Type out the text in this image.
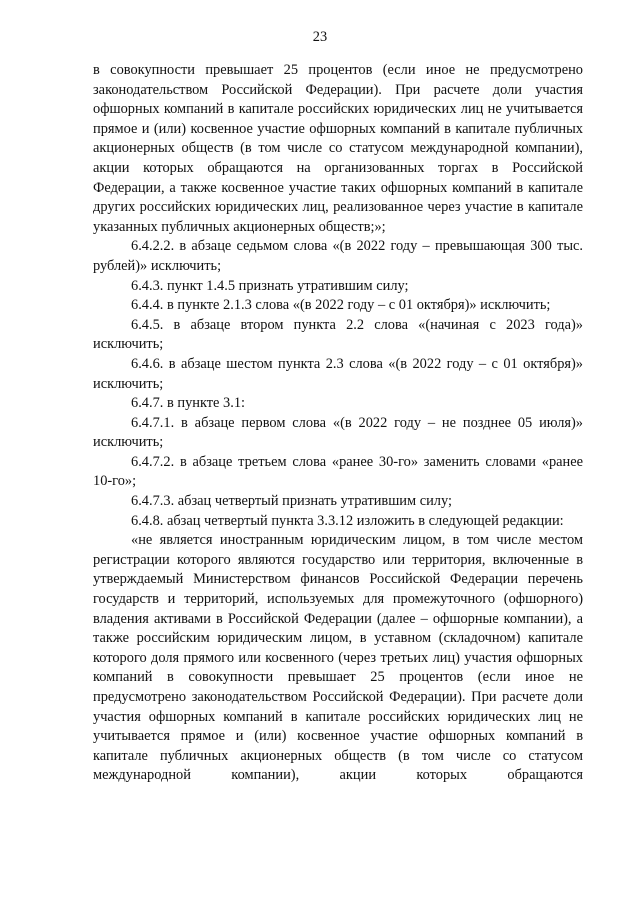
23

в совокупности превышает 25 процентов (если иное не предусмотрено законодательством Российской Федерации). При расчете доли участия офшорных компаний в капитале российских юридических лиц не учитывается прямое и (или) косвенное участие офшорных компаний в капитале публичных акционерных обществ (в том числе со статусом международной компании), акции которых обращаются на организованных торгах в Российской Федерации, а также косвенное участие таких офшорных компаний в капитале других российских юридических лиц, реализованное через участие в капитале указанных публичных акционерных обществ;»;

6.4.2.2. в абзаце седьмом слова «(в 2022 году – превышающая 300 тыс. рублей)» исключить;

6.4.3. пункт 1.4.5 признать утратившим силу;

6.4.4. в пункте 2.1.3 слова «(в 2022 году – с 01 октября)» исключить;

6.4.5. в абзаце втором пункта 2.2 слова «(начиная с 2023 года)» исключить;

6.4.6. в абзаце шестом пункта 2.3 слова «(в 2022 году – с 01 октября)» исключить;

6.4.7. в пункте 3.1:

6.4.7.1. в абзаце первом слова «(в 2022 году – не позднее 05 июля)» исключить;

6.4.7.2. в абзаце третьем слова «ранее 30-го» заменить словами «ранее 10-го»;

6.4.7.3. абзац четвертый признать утратившим силу;

6.4.8. абзац четвертый пункта 3.3.12 изложить в следующей редакции:

«не является иностранным юридическим лицом, в том числе местом регистрации которого являются государство или территория, включенные в утверждаемый Министерством финансов Российской Федерации перечень государств и территорий, используемых для промежуточного (офшорного) владения активами в Российской Федерации (далее – офшорные компании), а также российским юридическим лицом, в уставном (складочном) капитале которого доля прямого или косвенного (через третьих лиц) участия офшорных компаний в совокупности превышает 25 процентов (если иное не предусмотрено законодательством Российской Федерации). При расчете доли участия офшорных компаний в капитале российских юридических лиц не учитывается прямое и (или) косвенное участие офшорных компаний в капитале публичных акционерных обществ (в том числе со статусом международной компании), акции которых обращаются
